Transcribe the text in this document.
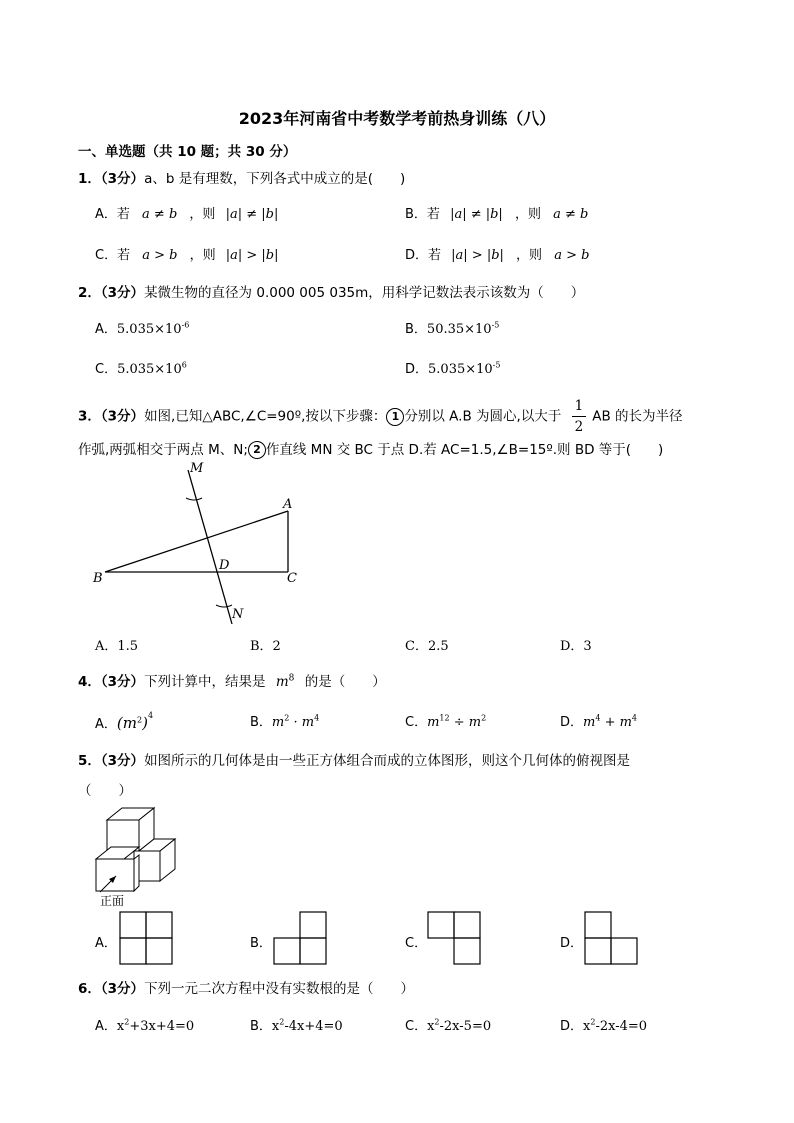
2023年河南省中考数学考前热身训练（八）
一、单选题（共 10 题；共 30 分）
1．（3分）a、b 是有理数，下列各式中成立的是(　　)
A．若 a ≠ b ，则 |a| ≠ |b|	B．若 |a| ≠ |b| ，则 a ≠ b
C．若 a > b ，则 |a| > |b|	D．若 |a| > |b| ，则 a > b
2．（3分）某微生物的直径为 0.000 005 035m，用科学记数法表示该数为（　　）
A．$5.035\times 10^{-6}$	B．$50.35\times 10^{-5}$
C．$5.035\times 10^6$	D．$5.035\times 10^{-5}$
3．（3分）如图,已知△ABC,∠C=90º,按以下步骤： 1 分别以 A.B 为圆心,以大于 $\frac{1}{2}$ AB 的长为半径
作弧,两弧相交于两点 M、N; 2 作直线 MN 交 BC 于点 D.若 AC=1.5,∠B=15º.则 BD 等于(　　)
M
A
B	C
D
N
A．1.5	B．2	C．2.5	D．3
4．（3分）下列计算中，结果是 $m^8$ 的是（　　）
A．$(m^2)^4$	B．$m^2 \cdot m^4$	C．$m^{12} \div m^2$	D．$m^4 + m^4$
5．（3分）如图所示的几何体是由一些正方体组合而成的立体图形，则这个几何体的俯视图是
（　　）
正面
A．	B．	C．	D．
6．（3分）下列一元二次方程中没有实数根的是（　　）
A．$x^2+3x+4=0$	B．$x^2-4x+4=0$	C．$x^2-2x-5=0$	D．$x^2-2x-4=0$
